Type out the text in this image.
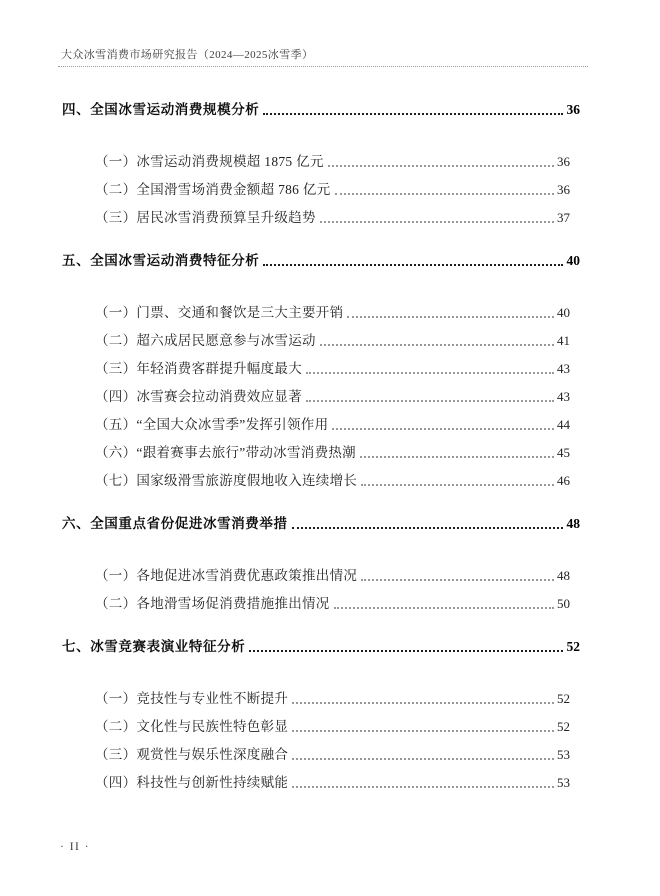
大众冰雪消费市场研究报告（2024—2025冰雪季）
四、全国冰雪运动消费规模分析	36
（一）冰雪运动消费规模超 1875 亿元	36
（二）全国滑雪场消费金额超 786 亿元	36
（三）居民冰雪消费预算呈升级趋势	37
五、全国冰雪运动消费特征分析	40
（一）门票、交通和餐饮是三大主要开销	40
（二）超六成居民愿意参与冰雪运动	41
（三）年轻消费客群提升幅度最大	43
（四）冰雪赛会拉动消费效应显著	43
（五）“全国大众冰雪季”发挥引领作用	44
（六）“跟着赛事去旅行”带动冰雪消费热潮	45
（七）国家级滑雪旅游度假地收入连续增长	46
六、全国重点省份促进冰雪消费举措	48
（一）各地促进冰雪消费优惠政策推出情况	48
（二）各地滑雪场促消费措施推出情况	50
七、冰雪竞赛表演业特征分析	52
（一）竞技性与专业性不断提升	52
（二）文化性与民族性特色彰显	52
（三）观赏性与娱乐性深度融合	53
（四）科技性与创新性持续赋能	53
· II ·
